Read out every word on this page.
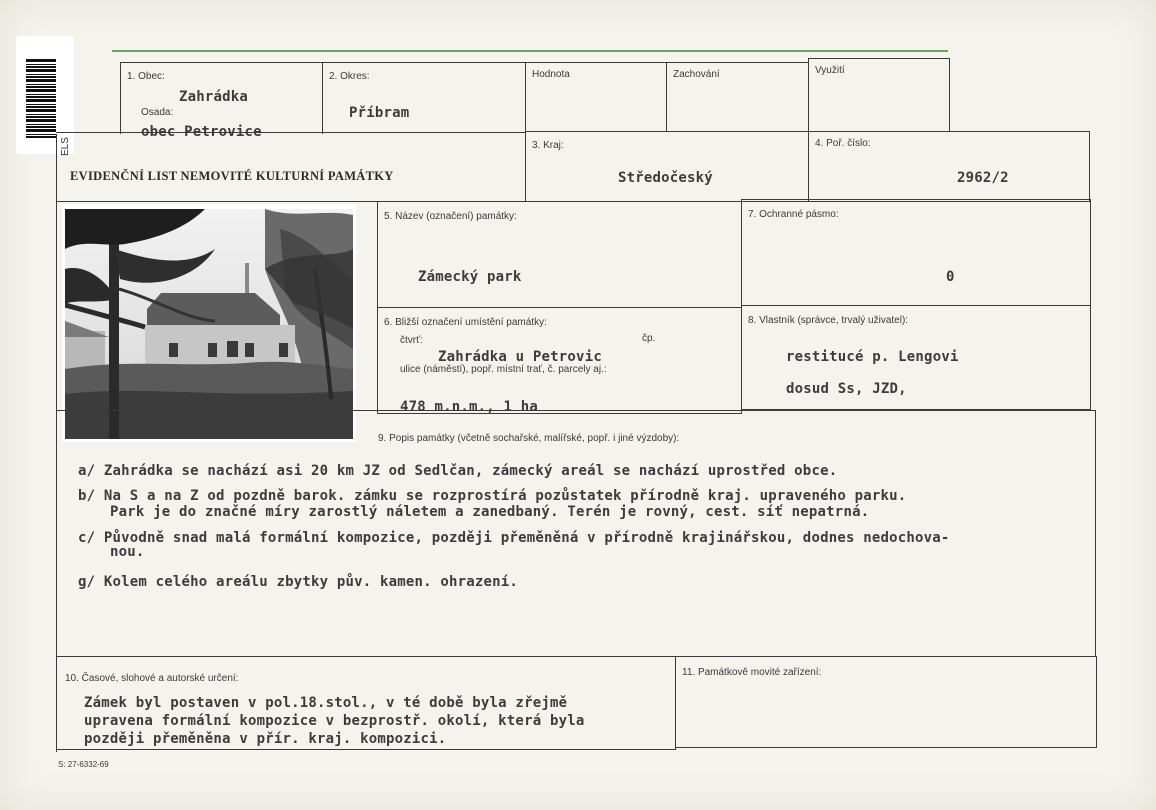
ELS
1. Obec:
Zahrádka
Osada:
obec Petrovice
2. Okres:
Příbram
Hodnota	Zachování	Využití
EVIDENČNÍ LIST NEMOVITÉ KULTURNÍ PAMÁTKY
3. Kraj:
Středočeský
4. Poř. číslo:
2962/2
5. Název (označení) památky:
Zámecký park
7. Ochranné pásmo:
0
6. Bližší označení umístění památky:
čtvrť:	čp.
Zahrádka u Petrovic
ulice (náměstí), popř. místní trať, č. parcely aj.:
478 m.n.m., 1 ha
8. Vlastník (správce, trvalý uživatel):
restitucé p. Lengovi
dosud Ss, JZD,
9. Popis památky (včetně sochařské, malířské, popř. i jiné výzdoby):
a/ Zahrádka se nachází asi 20 km JZ od Sedlčan, zámecký areál se nachází uprostřed obce.
b/ Na S a na Z od pozdně barok. zámku se rozprostírá pozůstatek přírodně kraj. upraveného parku.
Park je do značné míry zarostlý náletem a zanedbaný. Terén je rovný, cest. síť nepatrná.
c/ Původně snad malá formální kompozice, později přeměněná v přírodně krajinářskou, dodnes nedochova-
nou.
g/ Kolem celého areálu zbytky pův. kamen. ohrazení.
10. Časové, slohové a autorské určení:
Zámek byl postaven v pol.18.stol., v té době byla zřejmě
upravena formální kompozice v bezprostř. okolí, která byla
později přeměněna v přír. kraj. kompozici.
11. Památkově movité zařízení:
S: 27-6332-69
